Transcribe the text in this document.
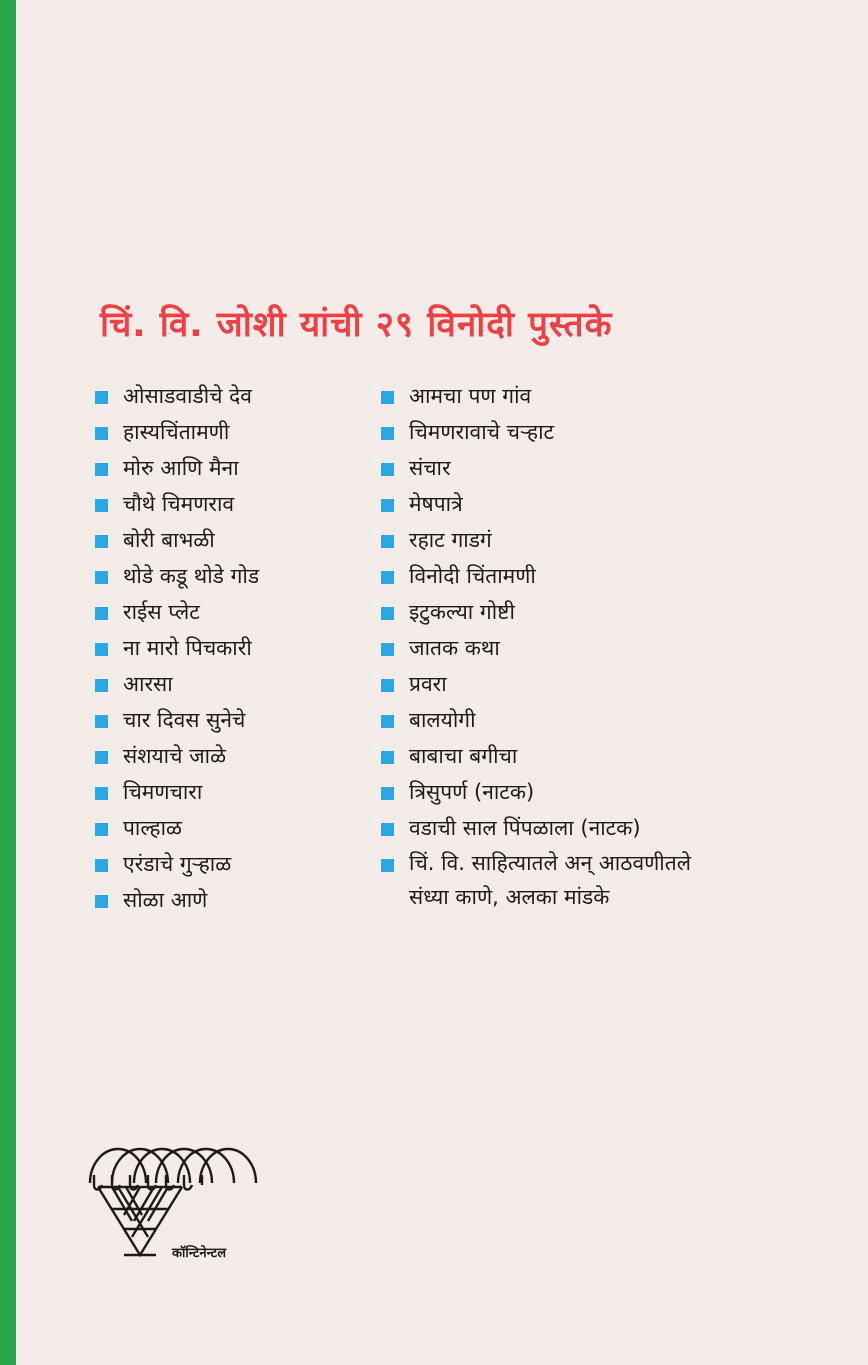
चिं. वि. जोशी यांची २९ विनोदी पुस्तके
ओसाडवाडीचे देव
हास्यचिंतामणी
मोरु आणि मैना
चौथे चिमणराव
बोरी बाभळी
थोडे कडू थोडे गोड
राईस प्लेट
ना मारो पिचकारी
आरसा
चार दिवस सुनेचे
संशयाचे जाळे
चिमणचारा
पाल्हाळ
एरंडाचे गुऱ्हाळ
सोळा आणे
आमचा पण गांव
चिमणरावाचे चऱ्हाट
संचार
मेषपात्रे
रहाट गाडगं
विनोदी चिंतामणी
इटुकल्या गोष्टी
जातक कथा
प्रवरा
बालयोगी
बाबाचा बगीचा
त्रिसुपर्ण (नाटक)
वडाची साल पिंपळाला (नाटक)
चिं. वि. साहित्यातले अन् आठवणीतले
संध्या काणे, अलका मांडके
कॉन्टिनेन्टल
